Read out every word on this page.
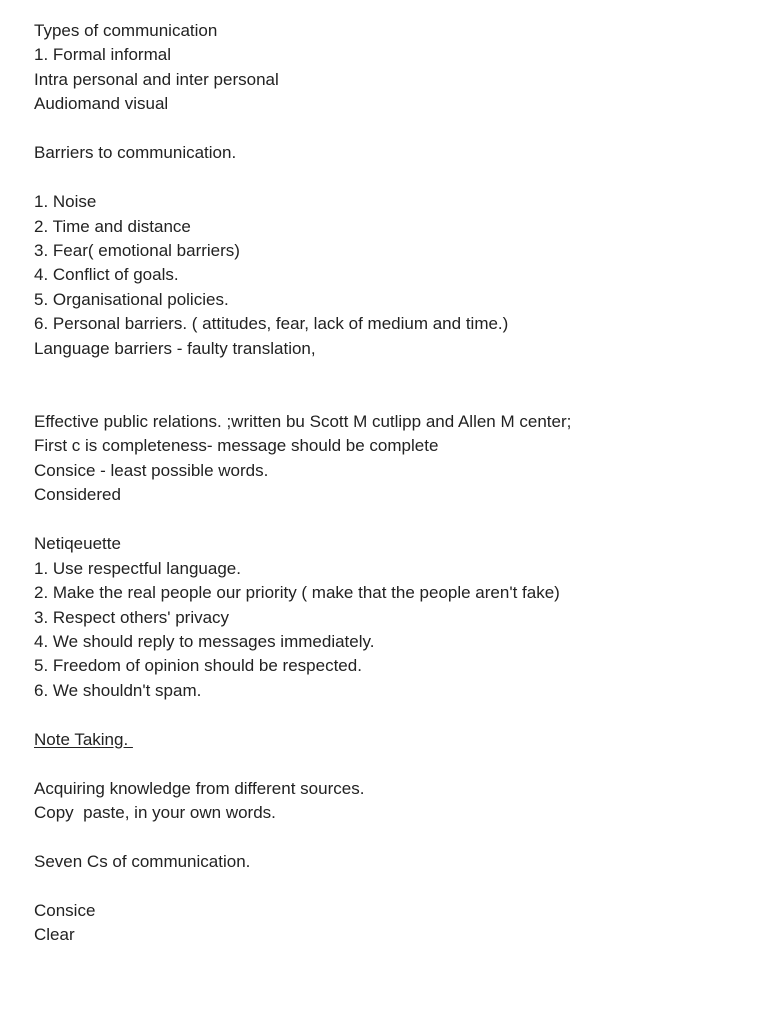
Types of communication
1. Formal informal
Intra personal and inter personal
Audiomand visual
Barriers to communication.
1. Noise
2. Time and distance
3. Fear( emotional barriers)
4. Conflict of goals.
5. Organisational policies.
6. Personal barriers. ( attitudes, fear, lack of medium and time.)
Language barriers - faulty translation,
Effective public relations. ;written bu Scott M cutlipp and Allen M center;
First c is completeness- message should be complete
Consice - least possible words.
Considered
Netiqeuette
1. Use respectful language.
2. Make the real people our priority ( make that the people aren't fake)
3. Respect others' privacy
4. We should reply to messages immediately.
5. Freedom of opinion should be respected.
6. We shouldn't spam.
Note Taking.
Acquiring knowledge from different sources.
Copy  paste, in your own words.
Seven Cs of communication.
Consice
Clear
